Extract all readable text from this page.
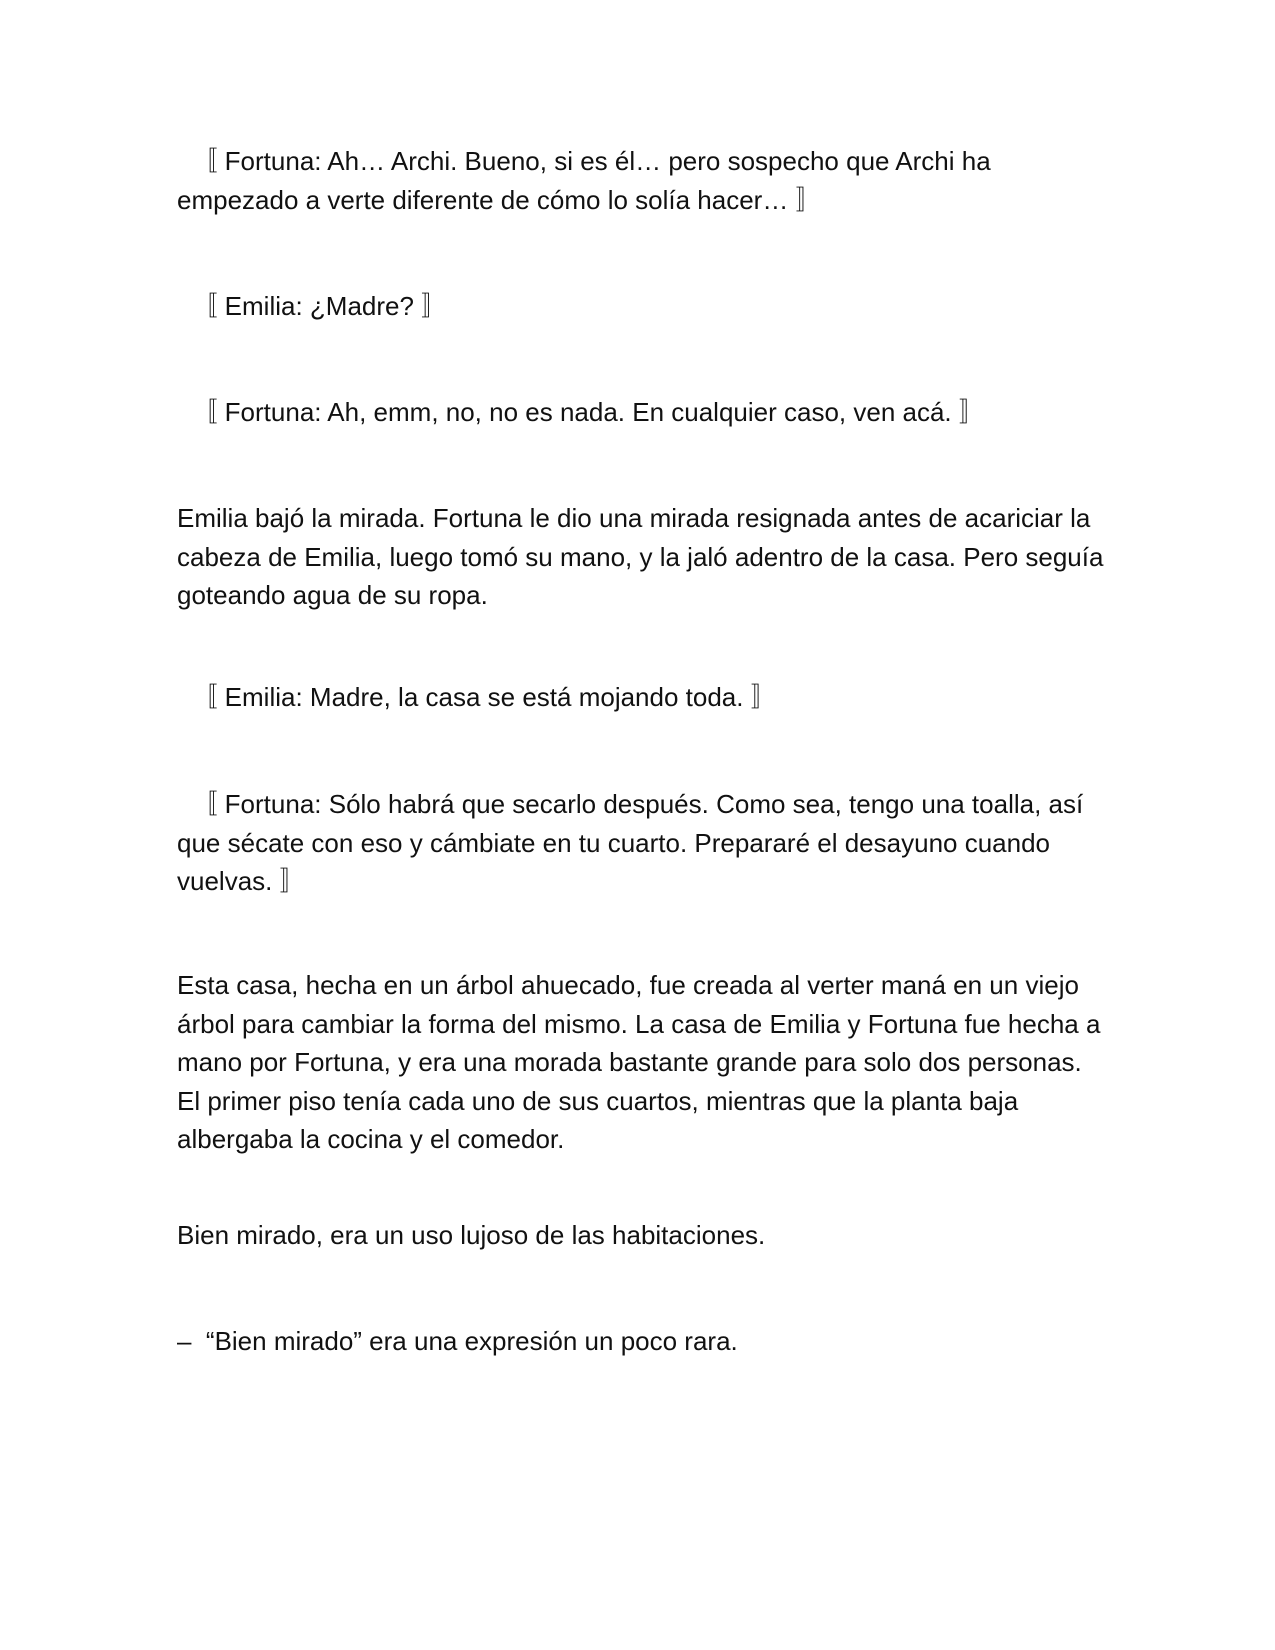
〚 Fortuna: Ah… Archi. Bueno, si es él… pero sospecho que Archi ha empezado a verte diferente de cómo lo solía hacer… 〛

〚 Emilia: ¿Madre? 〛

〚 Fortuna: Ah, emm, no, no es nada. En cualquier caso, ven acá. 〛

Emilia bajó la mirada. Fortuna le dio una mirada resignada antes de acariciar la cabeza de Emilia, luego tomó su mano, y la jaló adentro de la casa. Pero seguía goteando agua de su ropa.

〚 Emilia: Madre, la casa se está mojando toda. 〛

〚 Fortuna: Sólo habrá que secarlo después. Como sea, tengo una toalla, así que sécate con eso y cámbiate en tu cuarto. Prepararé el desayuno cuando vuelvas. 〛

Esta casa, hecha en un árbol ahuecado, fue creada al verter maná en un viejo árbol para cambiar la forma del mismo. La casa de Emilia y Fortuna fue hecha a mano por Fortuna, y era una morada bastante grande para solo dos personas. El primer piso tenía cada uno de sus cuartos, mientras que la planta baja albergaba la cocina y el comedor.

Bien mirado, era un uso lujoso de las habitaciones.

–  “Bien mirado” era una expresión un poco rara.
